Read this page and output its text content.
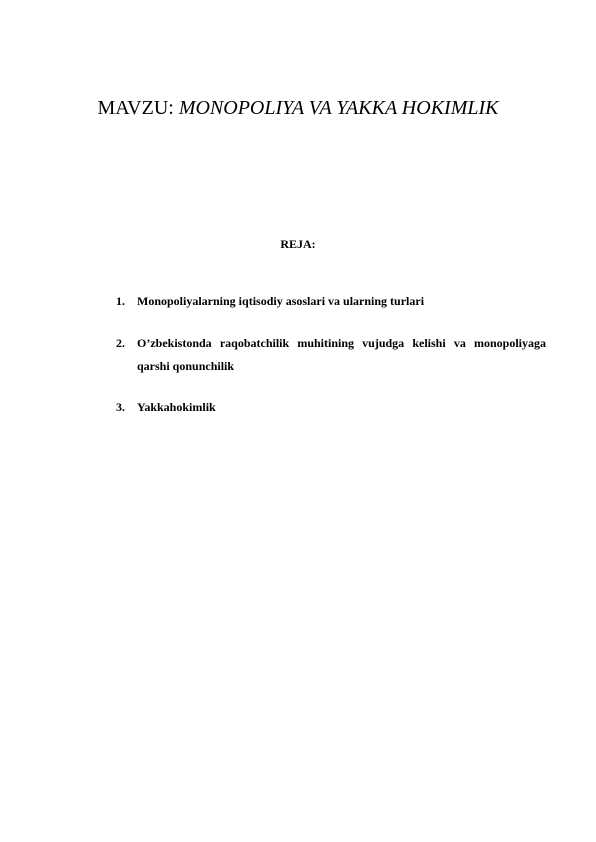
MAVZU: MONOPOLIYA VA YAKKA HOKIMLIK
REJA:
1. Monopoliyalarning iqtisodiy asoslari va ularning turlari
2. O’zbekistonda raqobatchilik muhitining vujudga kelishi va monopoliyaga qarshi qonunchilik
3. Yakkahokimlik
